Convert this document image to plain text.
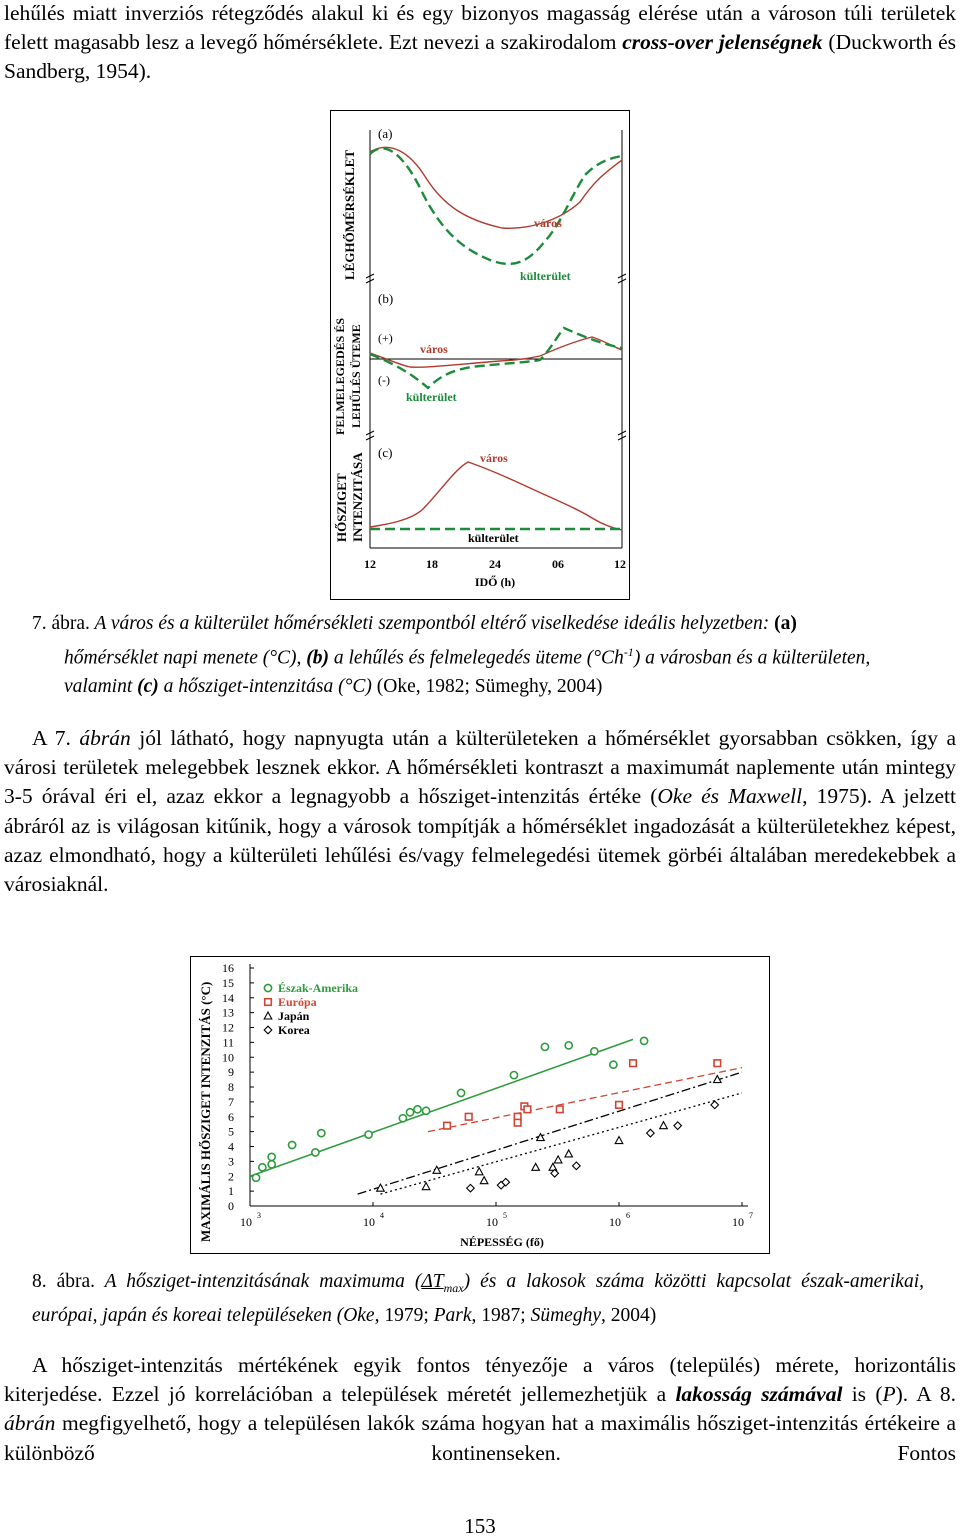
lehűlés miatt inverziós rétegződés alakul ki és egy bizonyos magasság elérése után a városon túli területek felett magasabb lesz a levegő hőmérséklete. Ezt nevezi a szakirodalom cross-over jelenségnek (Duckworth és Sandberg, 1954).

LÉGHŐMÉRSÉKLET
FELMELEGEDÉS ÉS LEHŰLÉS ÜTEME
HŐSZIGET INTENZITÁSA
(a)
(b)
(c)
város
külterület
(+)
(-)
város
külterület
város
külterület
12	18	24	06	12
IDŐ (h)
7. ábra. A város és a külterület hőmérsékleti szempontból eltérő viselkedése ideális helyzetben: (a)
hőmérséklet napi menete (°C), (b) a lehűlés és felmelegedés üteme $(^\circ Ch^{-1})$ a városban és a külterületen, valamint (c) a hősziget-intenzitása (°C) (Oke, 1982; Sümeghy, 2004)

A 7. ábrán jól látható, hogy napnyugta után a külterületeken a hőmérséklet gyorsabban csökken, így a városi területek melegebbek lesznek ekkor. A hőmérsékleti kontraszt a maximumát naplemente után mintegy 3-5 órával éri el, azaz ekkor a legnagyobb a hősziget-intenzitás értéke (Oke és Maxwell, 1975). A jelzett ábráról az is világosan kitűnik, hogy a városok tompítják a hőmérséklet ingadozását a külterületekhez képest, azaz elmondható, hogy a külterületi lehűlési és/vagy felmelegedési ütemek görbéi általában meredekebbek a városiaknál.

MAXIMÁLIS HŐSZIGET INTENZITÁS (°C)	NÉPESSÉG (fő)
0
1
2
3
4
5
6
7
8
9
10
11
12
13
14
15
16
10 3	10 4	10 5	10 6	10 7
Észak-Amerika
Európa
Japán
Korea
8. ábra. A hősziget-intenzitásának maximuma $(\Delta T_{max})$ és a lakosok száma közötti kapcsolat észak-amerikai, európai, japán és koreai településeken (Oke, 1979; Park, 1987; Sümeghy, 2004)

A hősziget-intenzitás mértékének egyik fontos tényezője a város (település) mérete, horizontális kiterjedése. Ezzel jó korrelációban a települések méretét jellemezhetjük a lakosság számával is (P). A 8. ábrán megfigyelhető, hogy a településen lakók száma hogyan hat a maximális hősziget-intenzitás értékeire a különböző kontinenseken. Fontos

153
